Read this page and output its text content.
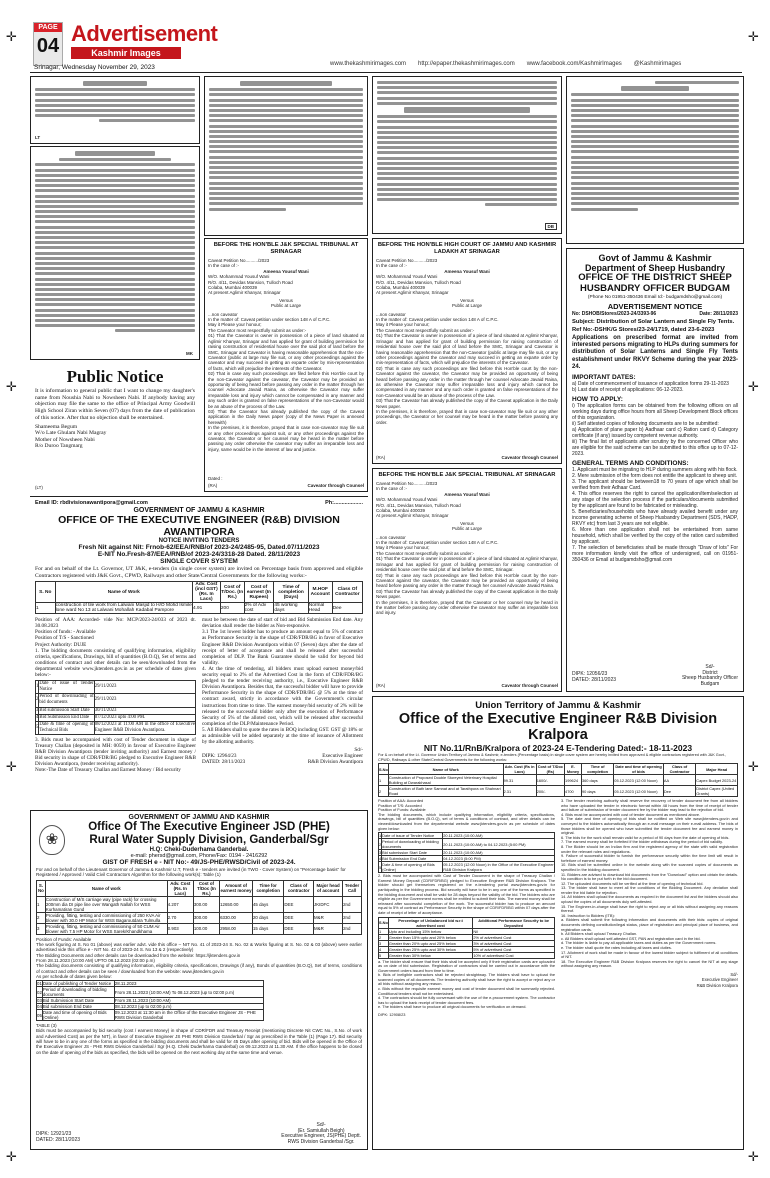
✛
✛
✛
✛
✛
✛
✛
✛
PAGE
04 Advertisement
Kashmir Images
Srinagar, Wednesday November 29, 2023	www.thekashmirimages.com http://epaper.thekashmirimages.com www.facebook.com/KashmirImages @Kashmirimages
LT
MK
DB
Public Notice
It is information to general public that I want to change my daughter's name from Noushia Nabi to Nowsheen Nabi. If anybody having any objection may file the same to the office of Principal Army Goodwill High School Ziran within Seven (07) days from the date of publication of this notice. After that no objection shall be entertained.
Shameema Begum
W/o Late Ghulam Nabi Magray
Mother of Nowsheen Nabi
R/o Duroo Tangmarg
(LT)
BEFORE THE HON'BLE J&K SPECIAL TRIBUNAL AT SRINAGAR
Caveat Petition No........../2023
In the case of :-
Ameena Yousuf Wani
W/O. Mohammad Yousuf Wani
R/O. 4/11, Devidas Mansion, Tulloch Road
Colaba, Mumbai 400039
At present Aglimir Khanyar, Srinagar
Versus
Public at Large
...non caveator
In the matter of: Caveat petition under section 148 A of C.P.C.
May it Please your honour;
The Caveator most respectfully submit as under:-
01) That the Caveator is owner in possession of a piece of land situated at Aglimir Khanyar, Srinagar and has applied for grant of building permission for raising construction of residential house over the said plot of land before the SMC, Srinagar and Caveator is having reasonable apprehension that the non-Caveator (public at large may file suit, or any other proceedings against the caveator and may succeed in getting an exparte order by mis-representation of facts, which will prejudice the interests of the Caveator.
02) That in case any such proceedings are filed before this Hon'ble court by the non-Caveator against the caveator, the Caveator may be provided an opportunity of being heard before passing any order in the matter through her counsel Advocate Javaid Raina, as otherwise the Caveator may suffer irreparable loss and injury which cannot be compensated in any manner and any such order is granted on false representations of the non-Caveator would be an abuse of the process of the Law.
03) That the Caveator has already published the copy of the Caveat application in the Daily News paper (copy of the News Paper is annexed herewith)
In the premises, it is therefore, prayed that in case non-caveator may file suit or any other proceedings against suit, or any other proceedings against the caveator, the Caveator or her counsel may be heard in the matter before passing any order otherwise the caveator may suffer an irreparable loss and injury, same would be in the interest of law and justice.
Dated :
(RA)	Caveator through Counsel
BEFORE THE HON'BLE HIGH COURT OF JAMMU AND KASHMIR LADAKH AT SRINAGAR
Caveat Petition No........../2023
In the case of :-
Ameena Yousuf Wani
W/O. Mohammad Yousuf Wani
R/O. 4/11, Devidas Mansion, Tulloch Road
Colaba, Mumbai 400039
At present Aglimir Khanyar, Srinagar
Versus
Public at Large
...non caveator
In the matter of: Caveat petition under section 148 A of C.P.C.
May it Please your honour;
The Caveator most respectfully submit as under:-
01) That the Caveator is owner in possession of a piece of land situated at Aglimir Khanyar, Srinagar and has applied for grant of building permission for raising construction of residential house over the said plot of land before the SMC, Srinagar and Caveator is having reasonable apprehension that the non-Caveator (public at large may file suit, or any other proceedings against the caveator and may succeed in getting an exparte order by mis-representation of facts, which will prejudice the interests of the Caveator.
02) That in case any such proceedings are filed before this Hon'ble court by the non-Caveator against the caveator, the Caveator may be provided an opportunity of being heard before passing any order in the matter through her counsel Advocate Javaid Raina, as otherwise the Caveator may suffer irreparable loss and injury which cannot be compensated in any manner and any such order is granted on false representations of the non-Caveator would be an abuse of the process of the Law.
03) That the Caveator has already published the copy of the Caveat application in the Daily News paper.
In the premises, it is therefore, prayed that in case non-caveator may file suit or any other proceedings, the Caveator or her counsel may be heard in the matter before passing any order.
(RA)	Caveator through Counsel
BEFORE THE HON'BLE J&K SPECIAL TRIBUNAL AT SRINAGAR
Caveat Petition No........../2023
In the case of :-
Ameena Yousuf Wani
W/O. Mohammad Yousuf Wani
R/O. 4/11, Devidas Mansion, Tulloch Road
Colaba, Mumbai 400039
At present Aglimir Khanyar, Srinagar
Versus
Public at Large
...non caveator
In the matter of: Caveat petition under section 148 A of C.P.C.
May it Please your honour;
The Caveator most respectfully submit as under:-
01) That the Caveator is owner in possession of a piece of land situated at Aglimir Khanyar, Srinagar and has applied for grant of building permission for raising construction of residential house over the said plot of land before the SMC, Srinagar.
02) That in case any such proceedings are filed before this Hon'ble court by the non-Caveator against the caveator, the Caveator may be provided an opportunity of being heard before passing any order in the matter through her counsel Advocate Javaid Raina.
03) That the Caveator has already published the copy of the Caveat application in the Daily News paper.
In the premises, it is therefore, prayed that the Caveator or her counsel may be heard in the matter before passing any order otherwise the caveator may suffer an irreparable loss and injury.
(RA)	Caveator through Counsel
Govt of Jammu & Kashmir
Department of Sheep Husbandry
OFFICE OF THE DISTRICT SHEEP HUSBANDRY OFFICER BUDGAM
(Phone No 01951-350436 Email Id:- budgamdsho@gmail.com)
ADVERTISEMENT NOTICE
No: DSHOB/Stores/2023-24/3393-96	Date: 28/11/2023
Subject: Distribution of Solar Lantern and Single Fly Tents.
Ref No:-DSHK/G Stores/23-24/1719, dated 23-6-2023
Applications on prescribed format are invited from interested persons migrating to HLPs during summers for distribution of Solar Lanterns and Single Fly Tents establishment under RKVY Scheme during the year 2023-24.
IMPORTANT DATES:
a) Date of commencement of issuance of application forms 29-11-2023
b) Last date of receipt of applications: 06-12-2023.
HOW TO APPLY:
i) The application forms can be obtained from the following offices on all working days during office hours from all Sheep Development Block offices of this organization.
ii) Self attested copies of following documents are to be submitted:
a) Application of plane paper b) Aadhaar card c) Ration card d) Category certificate (if any) issued by competent revenue authority.
iii) The final list of applicants after scrutiny by the concerned Officer who are eligible for the said scheme can be submitted to this office up to 07-12-2023.
GENERAL TERMS AND CONDITIONS:
1. Applicant must be migrating to HLP during summers along with his flock.
2. Mere submission of the form does not entitle the applicant to sheep unit.
3. The applicant should be between18 to 70 years of age which shall be verified from their Adhaar Card.
4. This office reserves the right to cancel the application/item/selection at any stage of the selection process if the particulars/documents submitted by the applicant are found to be fabricated or misleading.
5. Beneficiaries/households who have already availed benefit under any income generating scheme of Sheep Husbandry Department (SDS, HADP, RKVY etc) from last 3 years are not eligible.
6. More than one application shall not be entertained from same household, which shall be verified by the copy of the ration card submitted by applicant.
7. The selection of beneficiaries shall be made through "Draw of lots" For more information kindly visit the office of undersigned, call on 01951-350436 or Email at budgamdsho@gmail.com
DIPK: 12056/23
DATED: 28/11/2023
Sd/-
District
Sheep Husbandry Officer
Budgam
Email ID: rbdivisionawantipora@gmail.com	Ph:...................
GOVERNMENT OF JAMMU & KASHMIR
OFFICE OF THE EXECUTIVE ENGINEER (R&B) DIVISION AWANTIPORA
NOTICE INVITING TENDERS
Fresh Nit against Nit: Frnob-62/EEA/RNB/of 2023-24/2485-95, Dated.07/11/2023
E-NIT No.Fresh-87/EEA/RNB/of 2023-24/3318-28 Dated. 28/11/2023
SINGLE COVER SYSTEM
For and on behalf of the Lt. Governor, UT J&K, e-tenders (in single cover system) are invited on Percentage basis from approved and eligible Contractors registered with J&K Govt., CPWD, Railways and other State/Central Governments for the following works:-
S. No	Name of Work	Adv. Cost (incl GST) (Rs. In Lacs)	Cost of T/Doc. (In Rs.)	Cost of earnest (In Rupees)	Time of completion (Days)	M.HOF Account	Class Of Contractor
1	construction of tile work from Lalwani Masjid to H/O Mohd Ismile lone ward No 13 at Lalwani Mohallah Kadabal Pampore	4.91	200	2% of Adv cost	45 working days	Normal Head	Dee
Position of AAA: Accorded- vide No: MCP/2023-24/033 of 2023 dt. 30.08.2023
Position of funds: - Available
Position of T/S - Sanctioned
Project Authority: DUJE
1. The bidding documents consisting of qualifying information, eligibility criteria, specifications, Drawings, bill of quantities (B.O.Q), Set of terms and conditions of contract and other details can be seen/downloaded from the departmental website www.jktenders.gov.in as per schedule of dates given below:-
1	Date of issue of Tender Notice	29/11/2023
2	Period of downloading of bid documents	29/11/2023
3	Bid submission Start Date	30/11/2023
4	Bid Submission End Date	07/12/2023 upto 4:00 PM.
5	Date & time of opening of Technical Bids	08/12/2023 at 11:00 AM in the office of Executive Engineer R&B Division Awantipora.
3. Bids must be accompanied with cost of Tender document in shape of Treasury Challan (deposited in MH: 0059) in favour of Executive Engineer R&B Division Awantipora (tender inviting authority) and Earnest money / Bid security in shape of CDR/FDR/BG pledged to Executive Engineer R&B Division Awantipora, (tender receiving authority).
Note:-The Date of Treasury Challan and Earnest Money / Bid security
must be between the date of start of bid and Bid Submission End date. Any deviation shall render the bidder as Non-responsive.
3.1 The 1st lowest bidder has to produce an amount equal to 5% of contract as Performance Security in the shape of CDR/FDR/BG in favor of Executive Engineer R&B Division Awantipora within 07 (Seven) days after the date of receipt of letter of acceptance and shall be released after successful completion of DLP. The Bank Guarantee should be valid for beyond bid validity.
4. At the time of tendering, all bidders must upload earnest money/bid security equal to 2% of the Advertised Cost in the form of CDR/FDR/BG pledged to the tender receiving authority, i.e., Executive Engineer R&B Division Awantipora. Besides that, the successful bidder will have to provide Performance Security in the shape of CDR/FDR/BG @ 5% at the time of contract award, strictly in accordance with the Government's circular instructions from time to time. The earnest money/bid security of 2% will be released to the successful bidder only after the execution of Performance Security of 5% of the alloted cost, which will be released after successful completion of the DLP/Maintenance Period.
5. All Bidders shall to quote the rates in BOQ including GST. GST @ 18% or as admissible will be added separately at the time of issuance of Allotment by the allotting authority.
Sd/-
DIPK: 12964/23
DATED: 28/11/2023
Executive Engineer
R&B Division Awantipora
GOVERNMENT OF JAMMU AND KASHMIR
❀
Office Of The Executive Engineer JSD (PHE) Rural Water Supply Division, Ganderbal/Sgr
H.Q: Cheki-Duderhama Ganderbal.
e-mail: phersd@gmail.com, Phone/Fax: 0194 - 2416292
GIST OF FRESH e - NIT No:- 49/JS-PHE/RWSD/Civil of 2023-24.
For and on behalf of the Lieutenant Governor of Jammu & Kashmir U.T, Fresh e - tenders are invited (in TWO - Cover System) on "Percentage basis" for Registered / Approved / Valid Civil Contractors Algorithm for the following work(s): Table (1)
S. No	Name of work	Adv. Cost (Rs. In Lacs)	Cost of T/Doc (In Rs.)	Amount of earnest money	Time for completion	Class of contractor	Major head of account	Tender Call
1	Construction of M/S carriage way (pipe rack) for crossing 200mm dia DI pipe line over Wangath Nallah for WSS Kurhamatiran Gund	4.207	300.00	12650.00	45 days	DEE	JKIDFC	2nd
2	Providing, fitting, testing and commissioning of 250 KVA Air blower with 30.0 HP Motor for WSS Bagaroutdara Tulmulla	2.70	300.00	6330.00	20 days	DEE	M&R	2nd
3	Providing, fitting, testing and commissioning of 50 CUM Air blower with 7.5 HP Motor for WSS Sarek/Khandkhama	0.903	100.00	2958.00	15 days	DEE	M&R	2nd
Position of Funds: Available
The work figuring at S. No 01 (above) was earlier advt. vide this office – NIT No. 41 of 2023-24 S. No. 02 & Works figuring at S. No. 02 & 03 (above) were earlier advertised vide this office e - NIT No. 42 of 2023-24 S. No 13 & 2 (respectively)
The Bidding Documents and other details can be downloaded from the website: https://jktenders.gov.in
From 28.11.2023 (10:00 AM) UPTO 08.12.2023 (02:00 p.m)
The bidding documents consisting of qualifying information, eligibility criteria, specifications, Drawings (if any), Bonds of quantities (B.O.Q), Set of terms, conditions of contract and other details can be seen / downloaded from the website: www.jktenders.gov.in
As per schedule of dates given below:
01	Date of publishing of Tender Notice	28.11.2023
02	Period of downloading of bidding documents	From 28.11.2023 (10:00 AM) To 08.12.2023 (up to 02:00 p.m)
03	Bid Submission Start Date	From 28.11.2023 (10:00 AM)
04	Bid submission End Date	08.12.2023 (up to 02:00 p.m)
05	Date and time of opening of Bids (Online)	09.12.2023 at 11:30 am in the Office of the Executive Engineer JS - PHE RWS Division Ganderbal
TABLE (3)
Bids must be accompanied by bid security (cost / earnest Money) in shape of CDR/FDR and Treasury Receipt (mentioning Discrete Nit CWC No., S.No. of work and Advertised Cost) as per the NIT), in favor of Executive Engineer JS PHE RWS Division Ganderbal / Sgr as prescribed in the Table (1) (Page 17). Bid security will have to be in any one of the forms as specified in the bidding documents and shall be valid for 45 Days after opening of bid. Bids will be opened in the Office of the Executive Engineer JS - PHE RWS Division Ganderbal / Sgr (H.Q. Cheki Duderhama Ganderbal) on 09.12.2023 at 11.30 AM. If the office happens to be closed on the date of opening of the bids as specified, the bids will be opened on the next working day at the same time and venue.
DIPK: 12921/23
DATED: 28/11/2023
Sd/-
(Er. Samiullah Beigh)
Executive Engineer, JS(PHE) Deptt.
RWS Division Ganderbal /Sgr.
Union Territory of Jammu & Kashmir
Office of the Executive Engineer R&B Division Kralpora
NIT No.11/RnB/Kralpora of 2023-24 E-Tendering Dated:- 18-11-2023
For & on behalf of the Lt. Governor Union Territory of Jammu & Kashmir, e-tenders (Percentage basis) in single cover system are hereby invited from approved & eligible contractors registered with J&K Govt., CPWD, Railways & other State/Central Governments for the following works:
S.No	Name of Work	Adv. Cost (Rs in Lacs)	Cost of T/Doc (Rs)	E. Money	Time of completion	Date and time of opening of bids	Class of Contractor	Major Head
1	Construction of Proposed Double Storeyed Veterinary Hospital Building at Dwarakhasal	99.31	1600/-	199624	360 days	05.12.2023 (12:00 Noon)	AA	Capex Budget 2023-24
2	Construction of Bath lane Samnat and at Tarathpora on Shahnari Road	2.31	200/-	4700	90 days	05.12.2023 (12:00 Noon)	Dee	District Capex (United Grants)
Position of AAA: Accorded
Position of T/S: Accorded
Position of Funds: Available
The bidding documents, which include qualifying information, eligibility criteria, specifications, drawings, bill of quantities (B.O.Q), set of terms & conditions of contract, and other details can be viewed/downloaded from the departmental website www.jktenders.gov.in as per schedule of dates given below:
1	Date of issue of Tender Notice	20.11.2023 (10:00 AM)
2	Period of downloading of bidding documents	20.11.2023 (10:00 AM) to 04.12.2023 (5:00 PM)
3	Bid submission Start Date	20.11.2023 (10:00 AM)
4	Bid Submission End Date	04.12.2023 (5:00 PM)
5	Date & time of opening of Bids (Online)	05.12.2023 (12:00 Noon) in the Office of the Executive Engineer R&B Division Kralpora
2. Bids must be accompanied with Cost of Tender Document in the shape of Treasury Challan / Earnest Money Deposit (CDR/FDR/BG) pledged to Executive Engineer R&B Division Kralpora. The bidder should get themselves registered on the e-tendering portal www.jktenders.gov.in for participating in the bidding process. Bid security will have to be in any one of the forms as specified in the bidding document and shall be valid for 28 days beyond the validity of the bid. The bidders who are eligible as per the Government norms shall be entitled to submit their bids. The earnest money shall be released after successful completion of the work. The successful bidder has to produce an amount equal to 5% of contract as Performance Security in the shape of CDR/FDR/BG within 07 days after the date of receipt of letter of acceptance.
S.No	Percentage of Unbalanced bid w.r.t advertised cost	Additional Performance Security to be Deposited
1	Upto and including 15% below	Nil
2	Greater than 15% upto and 20% below	2% of advertised Cost
3	Greater than 20% upto and 25% below	3% of advertised Cost
4	Greater than 25% upto and 30% below	5% of advertised Cost
5	Greater than 30% below	10% of advertised Cost
a. The bidder shall ensure that their bids shall be accepted only if their registration cards are uploaded as on date of bid submission. Registration of contractors shall be carried out in accordance with the Government orders issued from time to time.
b. Bids of ineligible contractors shall be rejected straightway. The bidders shall have to upload the scanned copies of all documents. The tendering authority shall have the right to accept or reject any or all bids without assigning any reason.
c. Bids without the requisite earnest money and cost of tender document shall be summarily rejected. Conditional tenders shall not be entertained.
d. The contractors should be fully conversant with the use of the e-procurement system. The contractor has to upload the bank receipt of tender document fees.
e. The bidders shall have to produce all original documents for verification on demand.
DIPK: 12908/23
3. The tender receiving authority shall reserve the recovery of tender document fee from all bidders who have uploaded the tender in electronic format within 48 hours from the time of receipt of tender and failure of submission of tender document fee by the bidder may lead to the rejection of bid.
4. Bids must be accompanied with cost of tender document as mentioned above.
5. The date and time of opening of bids shall be notified on Web site www.jktenders.gov.in and conveyed to the bidders automatically through an e-mail message on their e-mail address. The bids of those bidders shall be opened who have submitted the tender document fee and earnest money in original.
6. The bids for the work shall remain valid for a period of 90 days from the date of opening of bids.
7. The earnest money shall be forfeited if the bidder withdraws during the period of bid validity.
8. The Bidder should be an Indian firm and the registered agency of the state with valid registration under the relevant rules and regulations.
9. Failure of successful bidder to furnish the performance security within the time limit will result in forfeiture of earnest money.
10. Bids shall be submitted online in the website along with the scanned copies of documents as specified in the bidding document.
11. Bidders are advised to download bid documents from the "Download" option and obtain the details. No condition is to be put forth in the bid document.
12. The uploaded documents will be verified at the time of opening of technical bid.
13. The bidder shall have to meet all the conditions of the Bidding Document. Any deviation shall render the bid liable for rejection.
14. All bidders shall upload the documents as required in the document list and the bidders should also upload the copies of all documents duly self-attested.
15. The Engineer-in-charge shall have the right to reject any or all bids without assigning any reasons thereof.
16. Instruction to Bidders (ITB):
a. Bidders shall submit the following information and documents with their bids: copies of original documents defining constitution/legal status, place of registration and principal place of business, and registration cards.
b. All Bidders shall upload Treasury Challan.
c. All Bidders shall upload self-attested GST, PAN and registration card in the bid.
d. The bidder is liable to pay all applicable taxes and duties as per the Government norms.
e. The bidder shall quote the rates including all taxes and duties.
17. Allotment of work shall be made in favour of the lowest bidder subject to fulfilment of all conditions of NIT.
18. The Executive Engineer R&B Division Kralpora reserves the right to cancel the NIT at any stage without assigning any reason.
Sd/-
Executive Engineer
R&B Division Kralpora
